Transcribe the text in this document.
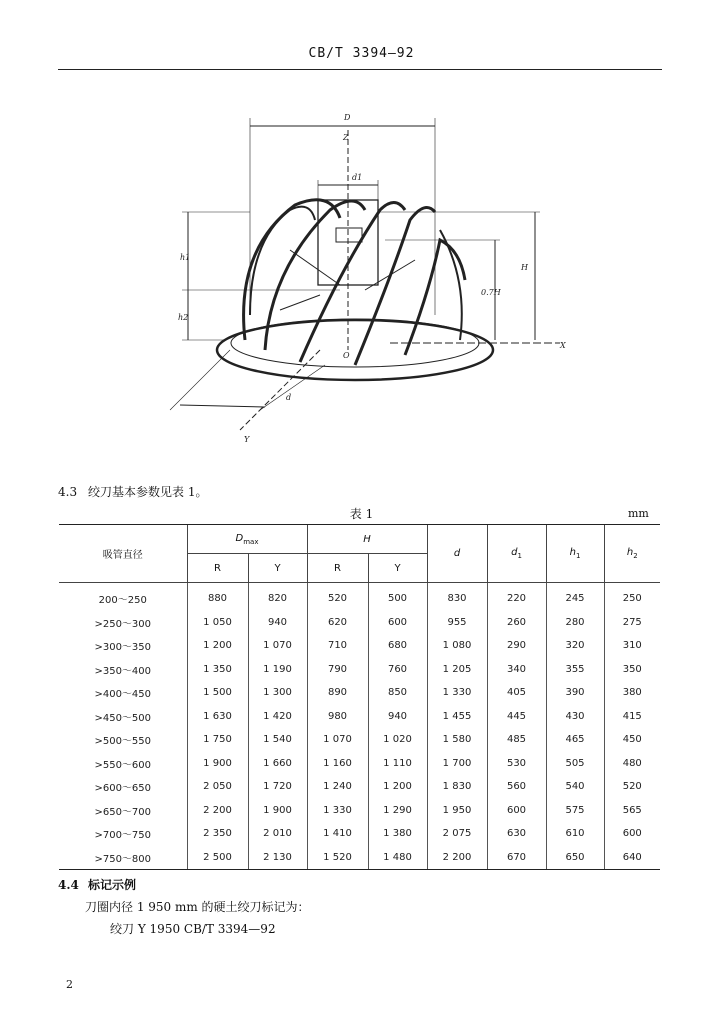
CB/T 3394—92
D
Z
d1
h1
h2
0.7H
H
O
X
d
Y
4.3 绞刀基本参数见表 1。
表 1	mm
吸管直径	$D_{max}$		H		d	$d_1$	$h_1$	$h_2$
	R	Y	R	Y				
200～250	880	820	520	500	830	220	245	250
>250～300	1 050	940	620	600	955	260	280	275
>300～350	1 200	1 070	710	680	1 080	290	320	310
>350～400	1 350	1 190	790	760	1 205	340	355	350
>400～450	1 500	1 300	890	850	1 330	405	390	380
>450～500	1 630	1 420	980	940	1 455	445	430	415
>500～550	1 750	1 540	1 070	1 020	1 580	485	465	450
>550～600	1 900	1 660	1 160	1 110	1 700	530	505	480
>600～650	2 050	1 720	1 240	1 200	1 830	560	540	520
>650～700	2 200	1 900	1 330	1 290	1 950	600	575	565
>700～750	2 350	2 010	1 410	1 380	2 075	630	610	600
>750～800	2 500	2 130	1 520	1 480	2 200	670	650	640
4.4 标记示例
刀圈内径 1 950 mm 的硬土绞刀标记为：
绞刀 Y 1950 CB/T 3394—92
2
